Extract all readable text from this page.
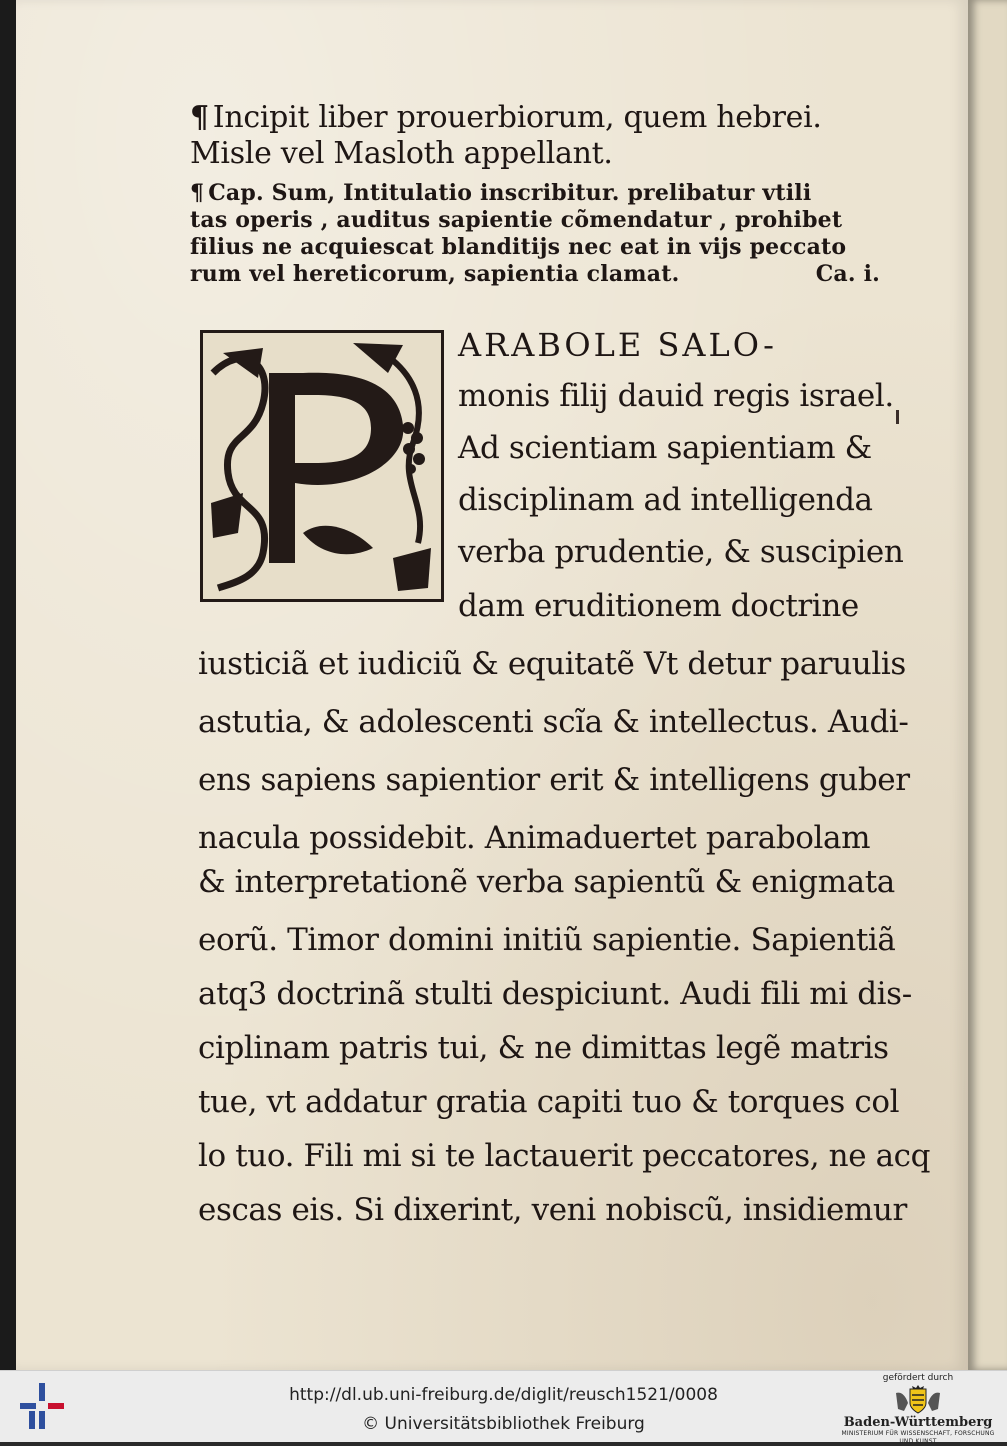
¶ Incipit liber prouerbiorum, quem hebrei.

Misle vel Masloth appellant.

¶ Cap. Sum, Intitulatio inscribitur. prelibatur vtili

tas operis , auditus sapientie cõmendatur , prohibet

filius ne acquiescat blanditijs nec eat in vijs peccato

rum vel hereticorum, sapientia clamat.	Ca. i.

ARABOLE SALO-
monis filij dauid regis israel.
Ad scientiam sapientiam &
disciplinam ad intelligenda
verba prudentie, & suscipien
dam eruditionem doctrine
iusticiã et iudiciũ & equitatẽ Vt detur paruulis
astutia, & adolescenti scĩa & intellectus. Audi-
ens sapiens sapientior erit & intelligens guber
nacula possidebit. Animaduertet parabolam
& interpretationẽ verba sapientũ & enigmata
eorũ. Timor domini initiũ sapientie. Sapientiã
atq3 doctrinã stulti despiciunt. Audi fili mi dis-
ciplinam patris tui, & ne dimittas legẽ matris
tue, vt addatur gratia capiti tuo & torques col
lo tuo. Fili mi si te lactauerit peccatores, ne acq
escas eis. Si dixerint, veni nobiscũ, insidiemur
http://dl.ub.uni-freiburg.de/diglit/reusch1521/0008
© Universitätsbibliothek Freiburg
gefördert durch
Baden-Württemberg
MINISTERIUM FÜR WISSENSCHAFT, FORSCHUNG UND KUNST
